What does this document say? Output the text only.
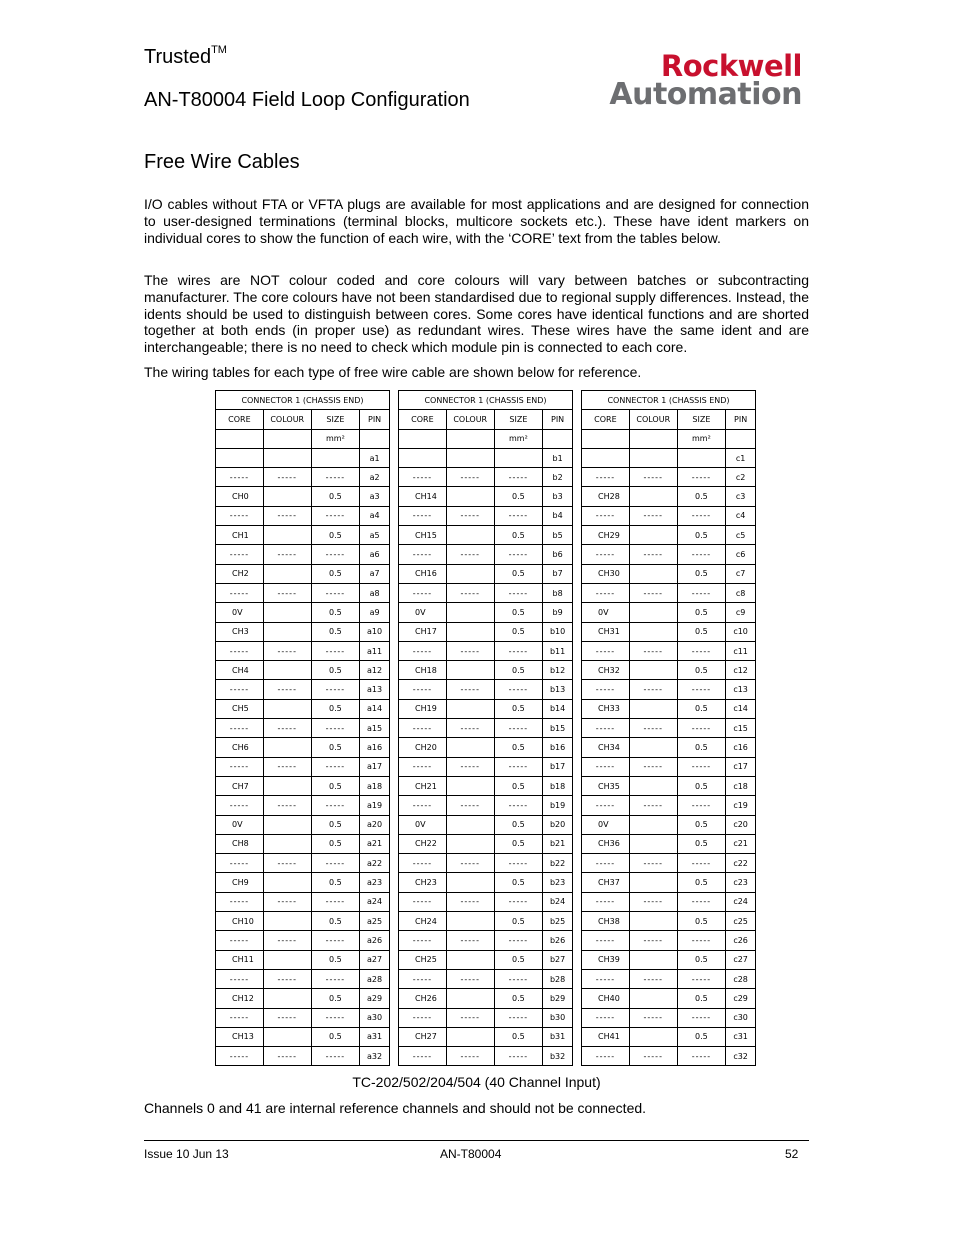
Trusted™
AN-T80004 Field Loop Configuration
Rockwell
Automation
Free Wire Cables
I/O cables without FTA or VFTA plugs are available for most applications and are designed for connection to user-designed terminations (terminal blocks, multicore sockets etc.). These have ident markers on individual cores to show the function of each wire, with the ‘CORE’ text from the tables below.
The wires are NOT colour coded and core colours will vary between batches or subcontracting manufacturer. The core colours have not been standardised due to regional supply differences. Instead, the idents should be used to distinguish between cores. Some cores have identical functions and are shorted together at both ends (in proper use) as redundant wires. These wires have the same ident and are interchangeable; there is no need to check which module pin is connected to each core.
The wiring tables for each type of free wire cable are shown below for reference.
CONNECTOR 1 (CHASSIS END)			
CORE	COLOUR	SIZE	PIN
		mm²	
			a1
-----	-----	-----	a2
CH0		0.5	a3
-----	-----	-----	a4
CH1		0.5	a5
-----	-----	-----	a6
CH2		0.5	a7
-----	-----	-----	a8
0V		0.5	a9
CH3		0.5	a10
-----	-----	-----	a11
CH4		0.5	a12
-----	-----	-----	a13
CH5		0.5	a14
-----	-----	-----	a15
CH6		0.5	a16
-----	-----	-----	a17
CH7		0.5	a18
-----	-----	-----	a19
0V		0.5	a20
CH8		0.5	a21
-----	-----	-----	a22
CH9		0.5	a23
-----	-----	-----	a24
CH10		0.5	a25
-----	-----	-----	a26
CH11		0.5	a27
-----	-----	-----	a28
CH12		0.5	a29
-----	-----	-----	a30
CH13		0.5	a31
-----	-----	-----	a32
CONNECTOR 1 (CHASSIS END)			
CORE	COLOUR	SIZE	PIN
		mm²	
			b1
-----	-----	-----	b2
CH14		0.5	b3
-----	-----	-----	b4
CH15		0.5	b5
-----	-----	-----	b6
CH16		0.5	b7
-----	-----	-----	b8
0V		0.5	b9
CH17		0.5	b10
-----	-----	-----	b11
CH18		0.5	b12
-----	-----	-----	b13
CH19		0.5	b14
-----	-----	-----	b15
CH20		0.5	b16
-----	-----	-----	b17
CH21		0.5	b18
-----	-----	-----	b19
0V		0.5	b20
CH22		0.5	b21
-----	-----	-----	b22
CH23		0.5	b23
-----	-----	-----	b24
CH24		0.5	b25
-----	-----	-----	b26
CH25		0.5	b27
-----	-----	-----	b28
CH26		0.5	b29
-----	-----	-----	b30
CH27		0.5	b31
-----	-----	-----	b32
CONNECTOR 1 (CHASSIS END)			
CORE	COLOUR	SIZE	PIN
		mm²	
			c1
-----	-----	-----	c2
CH28		0.5	c3
-----	-----	-----	c4
CH29		0.5	c5
-----	-----	-----	c6
CH30		0.5	c7
-----	-----	-----	c8
0V		0.5	c9
CH31		0.5	c10
-----	-----	-----	c11
CH32		0.5	c12
-----	-----	-----	c13
CH33		0.5	c14
-----	-----	-----	c15
CH34		0.5	c16
-----	-----	-----	c17
CH35		0.5	c18
-----	-----	-----	c19
0V		0.5	c20
CH36		0.5	c21
-----	-----	-----	c22
CH37		0.5	c23
-----	-----	-----	c24
CH38		0.5	c25
-----	-----	-----	c26
CH39		0.5	c27
-----	-----	-----	c28
CH40		0.5	c29
-----	-----	-----	c30
CH41		0.5	c31
-----	-----	-----	c32
TC-202/502/204/504 (40 Channel Input)
Channels 0 and 41 are internal reference channels and should not be connected.
Issue 10 Jun 13	AN-T80004	52
